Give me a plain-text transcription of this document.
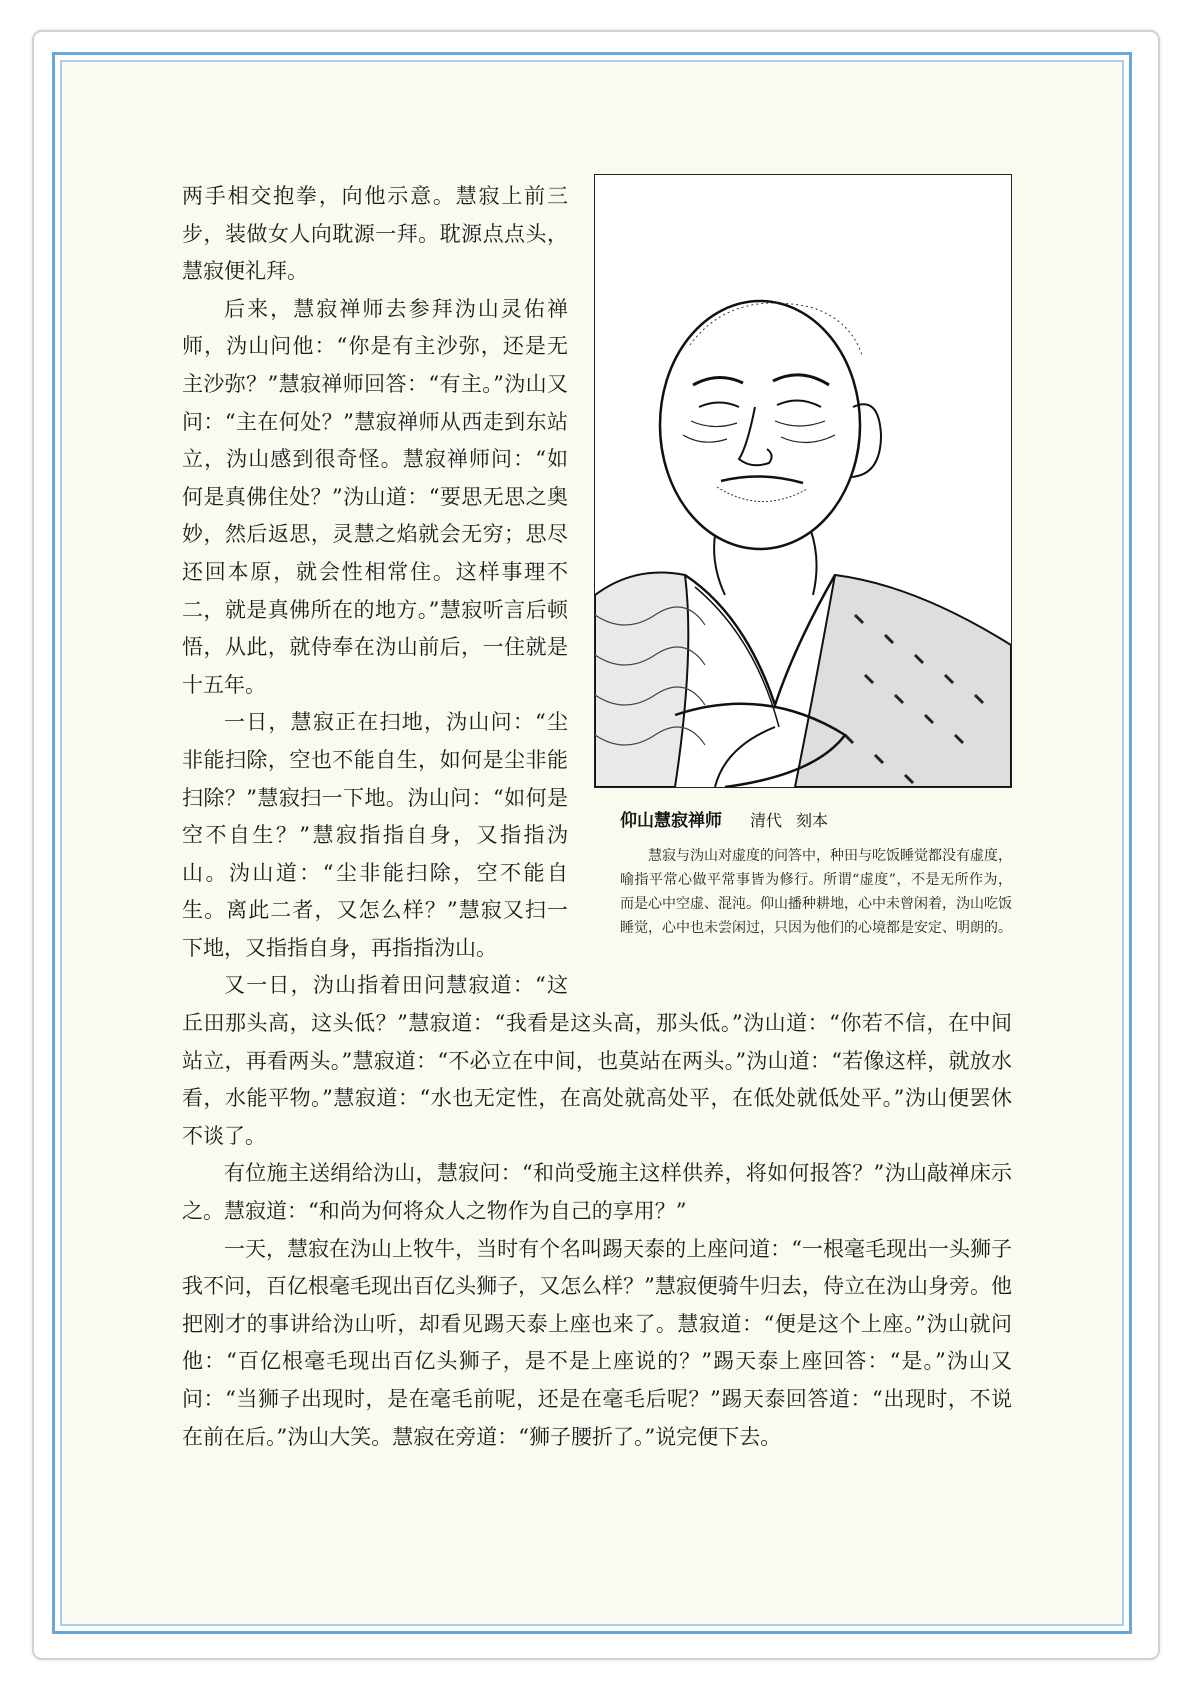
两手相交抱拳，向他示意。慧寂上前三步，装做女人向耽源一拜。耽源点点头，慧寂便礼拜。

后来，慧寂禅师去参拜沩山灵佑禅师，沩山问他：“你是有主沙弥，还是无主沙弥？”慧寂禅师回答：“有主。”沩山又问：“主在何处？”慧寂禅师从西走到东站立，沩山感到很奇怪。慧寂禅师问：“如何是真佛住处？”沩山道：“要思无思之奥妙，然后返思，灵慧之焰就会无穷；思尽还回本原，就会性相常住。这样事理不二，就是真佛所在的地方。”慧寂听言后顿悟，从此，就侍奉在沩山前后，一住就是十五年。

一日，慧寂正在扫地，沩山问：“尘非能扫除，空也不能自生，如何是尘非能扫除？”慧寂扫一下地。沩山问：“如何是空不自生？”慧寂指指自身，又指指沩山。沩山道：“尘非能扫除，空不能自生。离此二者，又怎么样？”慧寂又扫一下地，又指指自身，再指指沩山。

又一日，沩山指着田问慧寂道：“这丘田那头高，这头低？”慧寂道：“我看是这头高，那头低。”沩山道：“你若不信，在中间站立，再看两头。”慧寂道：“不必立在中间，也莫站在两头。”沩山道：“若像这样，就放水看，水能平物。”慧寂道：“水也无定性，在高处就高处平，在低处就低处平。”沩山便罢休不谈了。

有位施主送绢给沩山，慧寂问：“和尚受施主这样供养，将如何报答？”沩山敲禅床示之。慧寂道：“和尚为何将众人之物作为自己的享用？”

一天，慧寂在沩山上牧牛，当时有个名叫踢天泰的上座问道：“一根毫毛现出一头狮子我不问，百亿根毫毛现出百亿头狮子，又怎么样？”慧寂便骑牛归去，侍立在沩山身旁。他把刚才的事讲给沩山听，却看见踢天泰上座也来了。慧寂道：“便是这个上座。”沩山就问他：“百亿根毫毛现出百亿头狮子，是不是上座说的？”踢天泰上座回答：“是。”沩山又问：“当狮子出现时，是在毫毛前呢，还是在毫毛后呢？”踢天泰回答道：“出现时，不说在前在后。”沩山大笑。慧寂在旁道：“狮子腰折了。”说完便下去。

仰山慧寂禅师 清代 刻本
慧寂与沩山对虚度的问答中，种田与吃饭睡觉都没有虚度，喻指平常心做平常事皆为修行。所谓“虚度”，不是无所作为，而是心中空虚、混沌。仰山播种耕地，心中未曾闲着，沩山吃饭睡觉，心中也未尝闲过，只因为他们的心境都是安定、明朗的。
